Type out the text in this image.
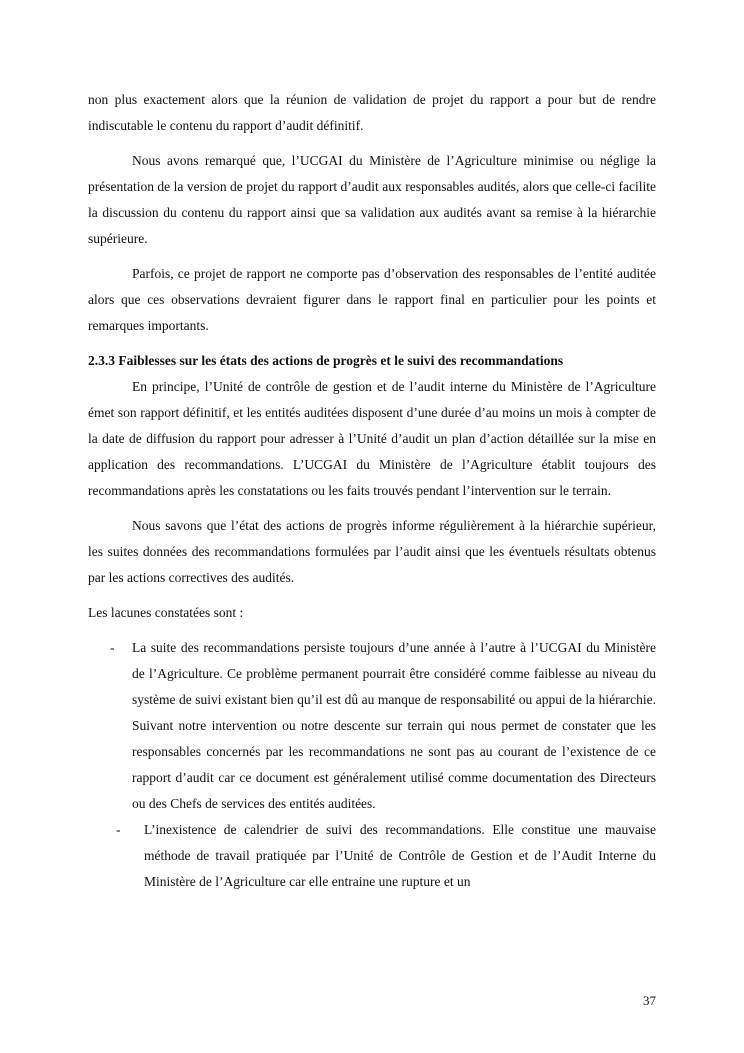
non plus exactement alors que la réunion de validation de projet du rapport a pour but de rendre indiscutable le contenu du rapport d’audit définitif.

Nous avons remarqué que, l’UCGAI du Ministère de l’Agriculture minimise ou néglige la présentation de la version de projet du rapport d’audit aux responsables audités, alors que celle-ci facilite la discussion du contenu du rapport ainsi que sa validation aux audités avant sa remise à la hiérarchie supérieure.

Parfois, ce projet de rapport ne comporte pas d’observation des responsables de l’entité auditée alors que ces observations devraient figurer dans le rapport final en particulier pour les points et remarques importants.

2.3.3 Faiblesses sur les états des actions de progrès et le suivi des recommandations

En principe, l’Unité de contrôle de gestion et de l’audit interne du Ministère de l’Agriculture émet son rapport définitif, et les entités auditées disposent d’une durée d’au moins un mois à compter de la date de diffusion du rapport pour adresser à l’Unité d’audit un plan d’action détaillée sur la mise en application des recommandations. L’UCGAI du Ministère de l’Agriculture établit toujours des recommandations après les constatations ou les faits trouvés pendant l’intervention sur le terrain.

Nous savons que l’état des actions de progrès informe régulièrement à la hiérarchie supérieur, les suites données des recommandations formulées par l’audit ainsi que les éventuels résultats obtenus par les actions correctives des audités.

Les lacunes constatées sont :

- La suite des recommandations persiste toujours d’une année à l’autre à l’UCGAI du Ministère de l’Agriculture. Ce problème permanent pourrait être considéré comme faiblesse au niveau du système de suivi existant bien qu’il est dû au manque de responsabilité ou appui de la hiérarchie. Suivant notre intervention ou notre descente sur terrain qui nous permet de constater que les responsables concernés par les recommandations ne sont pas au courant de l’existence de ce rapport d’audit car ce document est généralement utilisé comme documentation des Directeurs ou des Chefs de services des entités auditées.
- L’inexistence de calendrier de suivi des recommandations. Elle constitue une mauvaise méthode de travail pratiquée par l’Unité de Contrôle de Gestion et de l’Audit Interne du Ministère de l’Agriculture car elle entraine une rupture et un
37
